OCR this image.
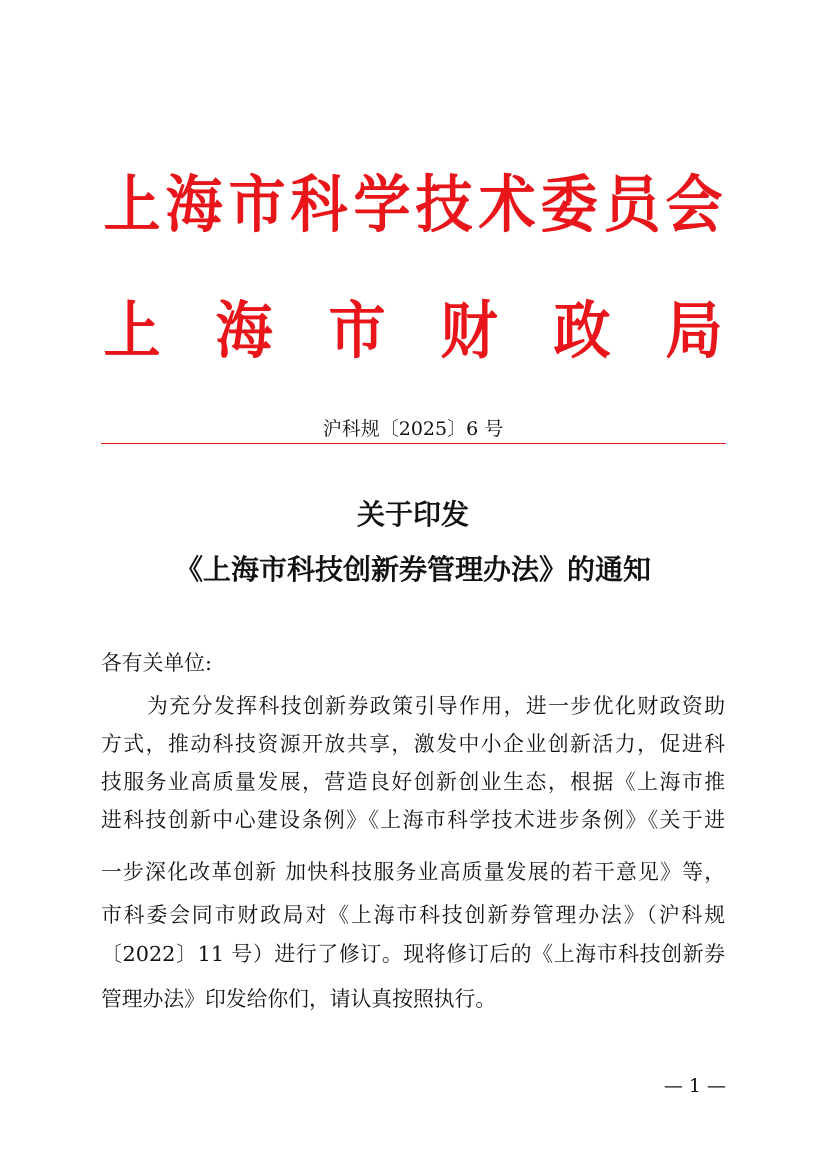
上 海 市 科 学 技 术 委 员 会
上 海 市 财 政 局
沪科规〔2025〕6 号
关于印发
《上海市科技创新券管理办法》的通知
各有关单位:
为充分发挥科技创新券政策引导作用，进一步优化财政资助
方式，推动科技资源开放共享，激发中小企业创新活力，促进科
技服务业高质量发展，营造良好创新创业生态，根据《上海市推
进科技创新中心建设条例》《上海市科学技术进步条例》《关于进
一步深化改革创新 加快科技服务业高质量发展的若干意见》等，
市科委会同市财政局对《上海市科技创新券管理办法》（沪科规
〔2022〕11 号）进行了修订。现将修订后的《上海市科技创新券
管理办法》印发给你们，请认真按照执行。
— 1 —
